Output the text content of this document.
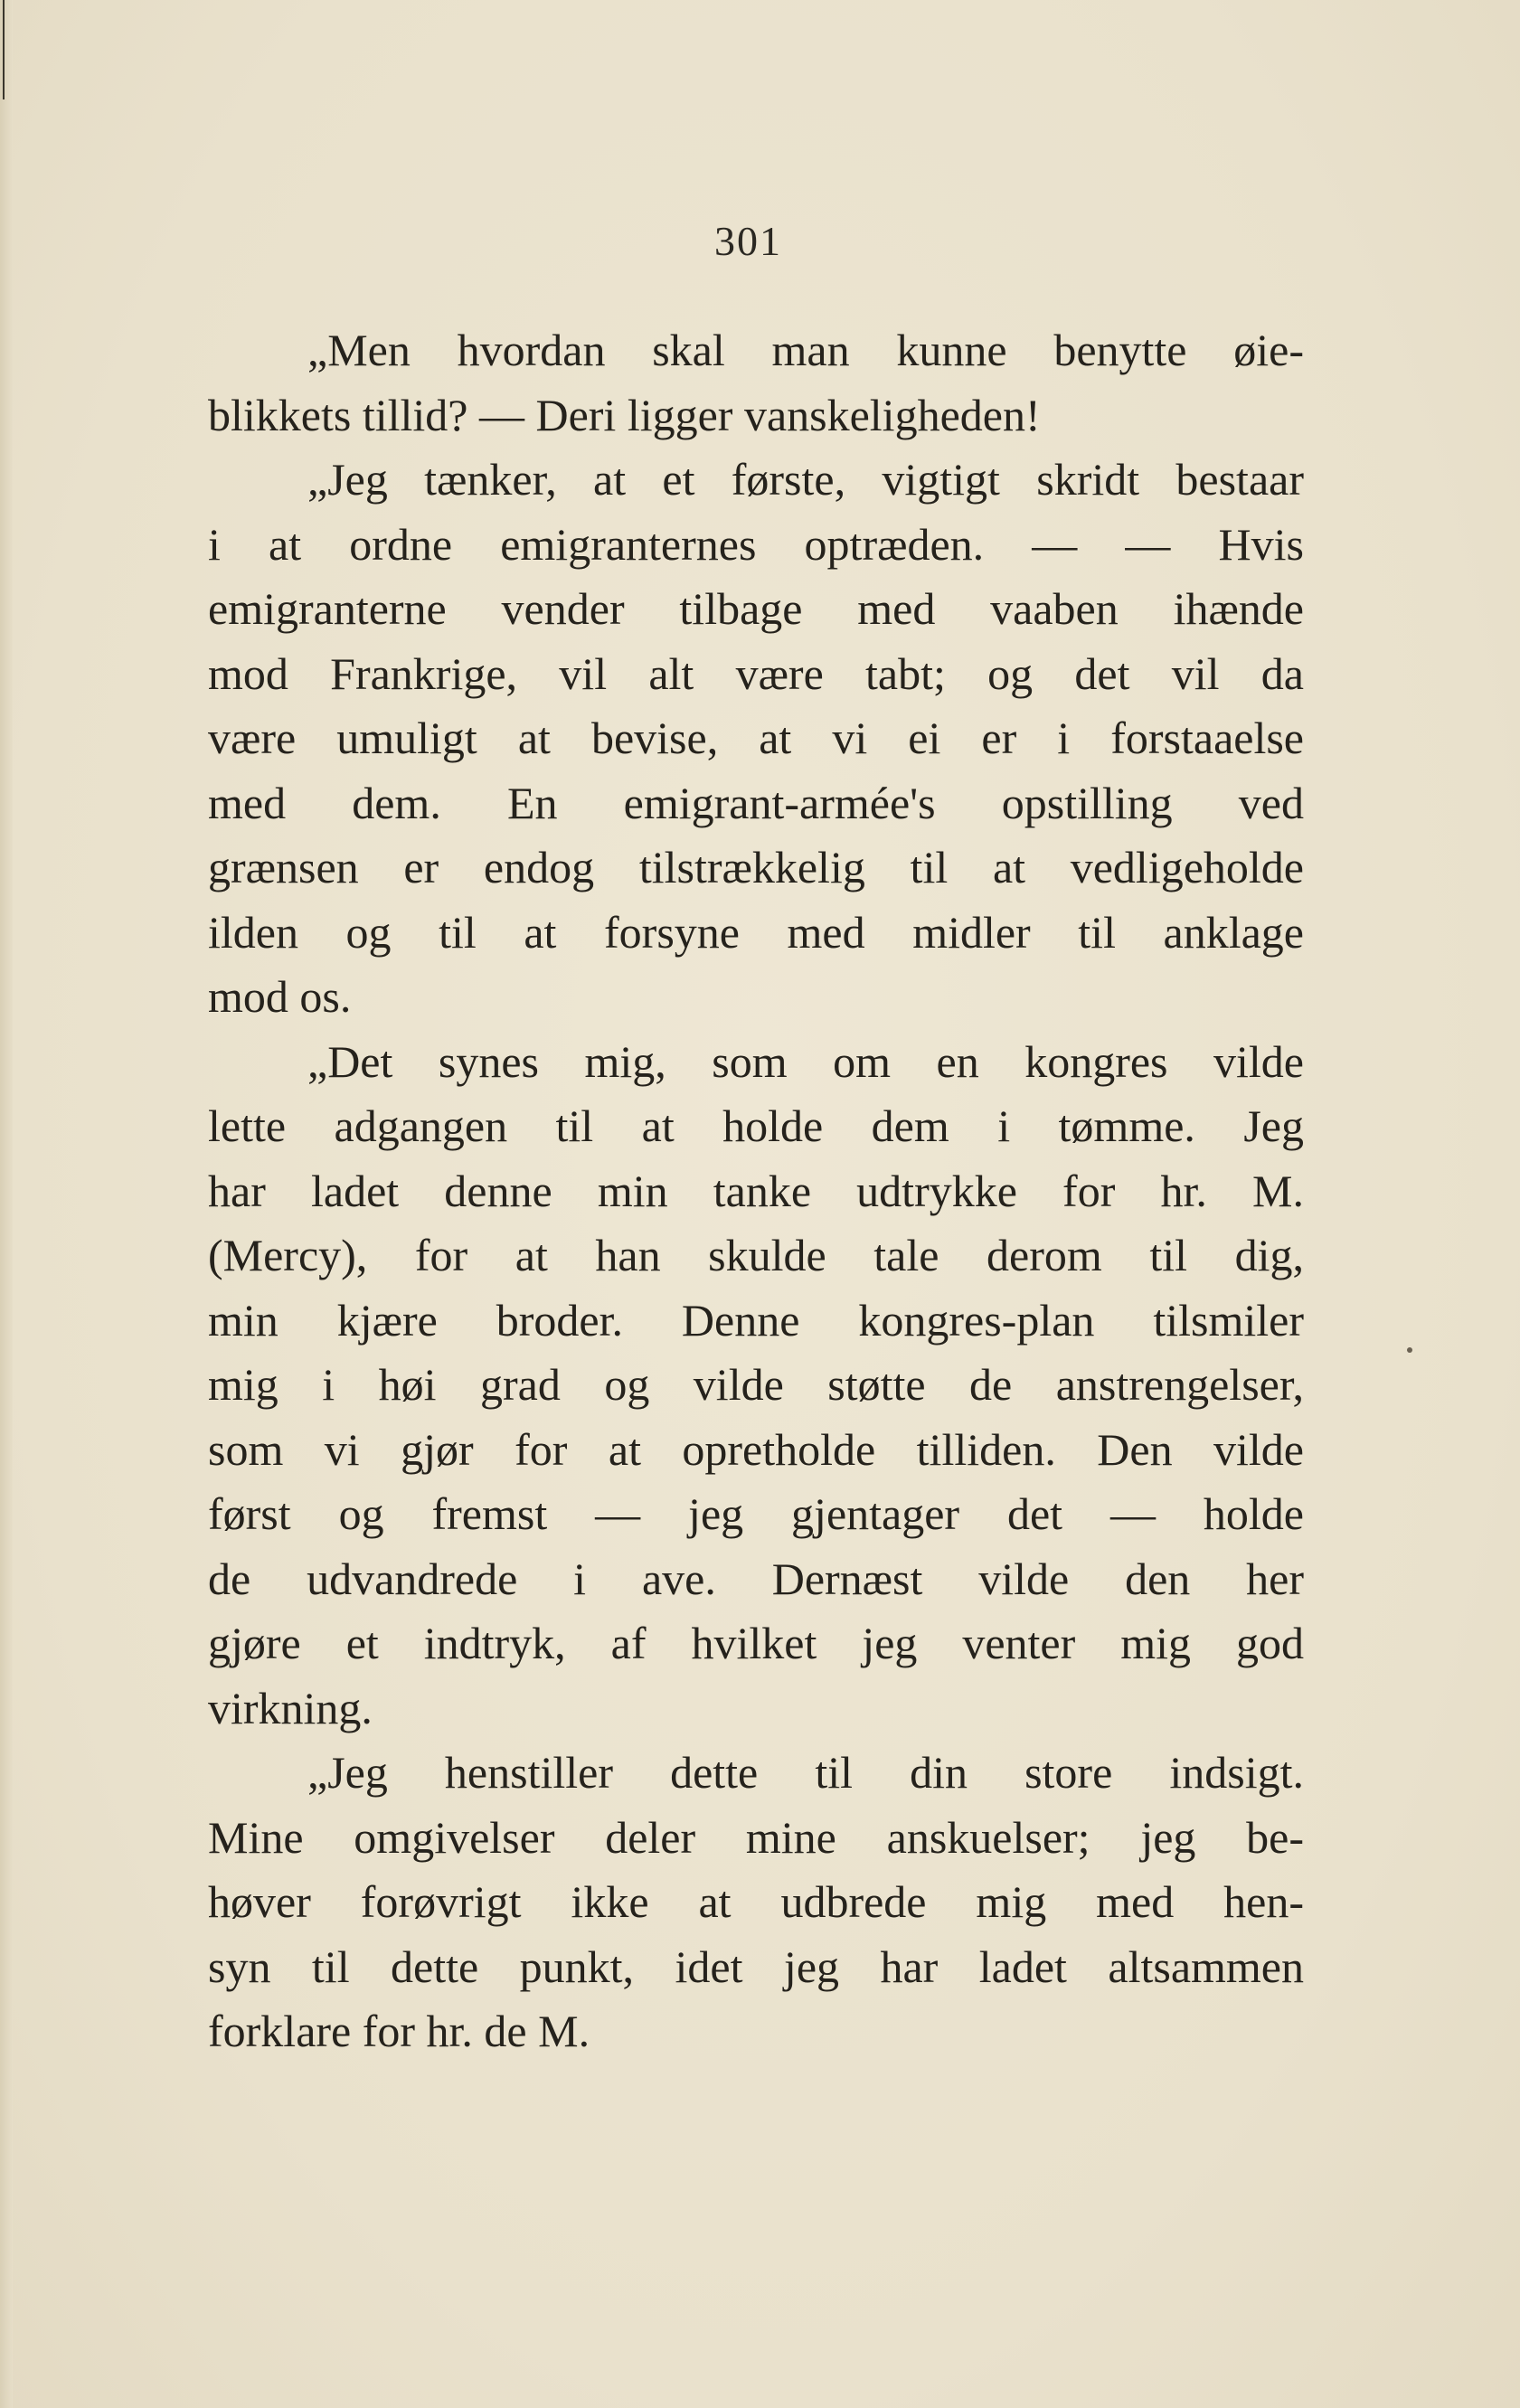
301
„Men hvordan skal man kunne benytte øie-
blikkets tillid? — Deri ligger vanskeligheden!
„Jeg tænker, at et første, vigtigt skridt bestaar
i at ordne emigranternes optræden. — — Hvis
emigranterne vender tilbage med vaaben ihænde
mod Frankrige, vil alt være tabt; og det vil da
være umuligt at bevise, at vi ei er i forstaaelse
med dem. En emigrant-armée's opstilling ved
grænsen er endog tilstrækkelig til at vedligeholde
ilden og til at forsyne med midler til anklage
mod os.
„Det synes mig, som om en kongres vilde
lette adgangen til at holde dem i tømme. Jeg
har ladet denne min tanke udtrykke for hr. M.
(Mercy), for at han skulde tale derom til dig,
min kjære broder. Denne kongres-plan tilsmiler
mig i høi grad og vilde støtte de anstrengelser,
som vi gjør for at opretholde tilliden. Den vilde
først og fremst — jeg gjentager det — holde
de udvandrede i ave. Dernæst vilde den her
gjøre et indtryk, af hvilket jeg venter mig god
virkning.
„Jeg henstiller dette til din store indsigt.
Mine omgivelser deler mine anskuelser; jeg be-
høver forøvrigt ikke at udbrede mig med hen-
syn til dette punkt, idet jeg har ladet altsammen
forklare for hr. de M.
